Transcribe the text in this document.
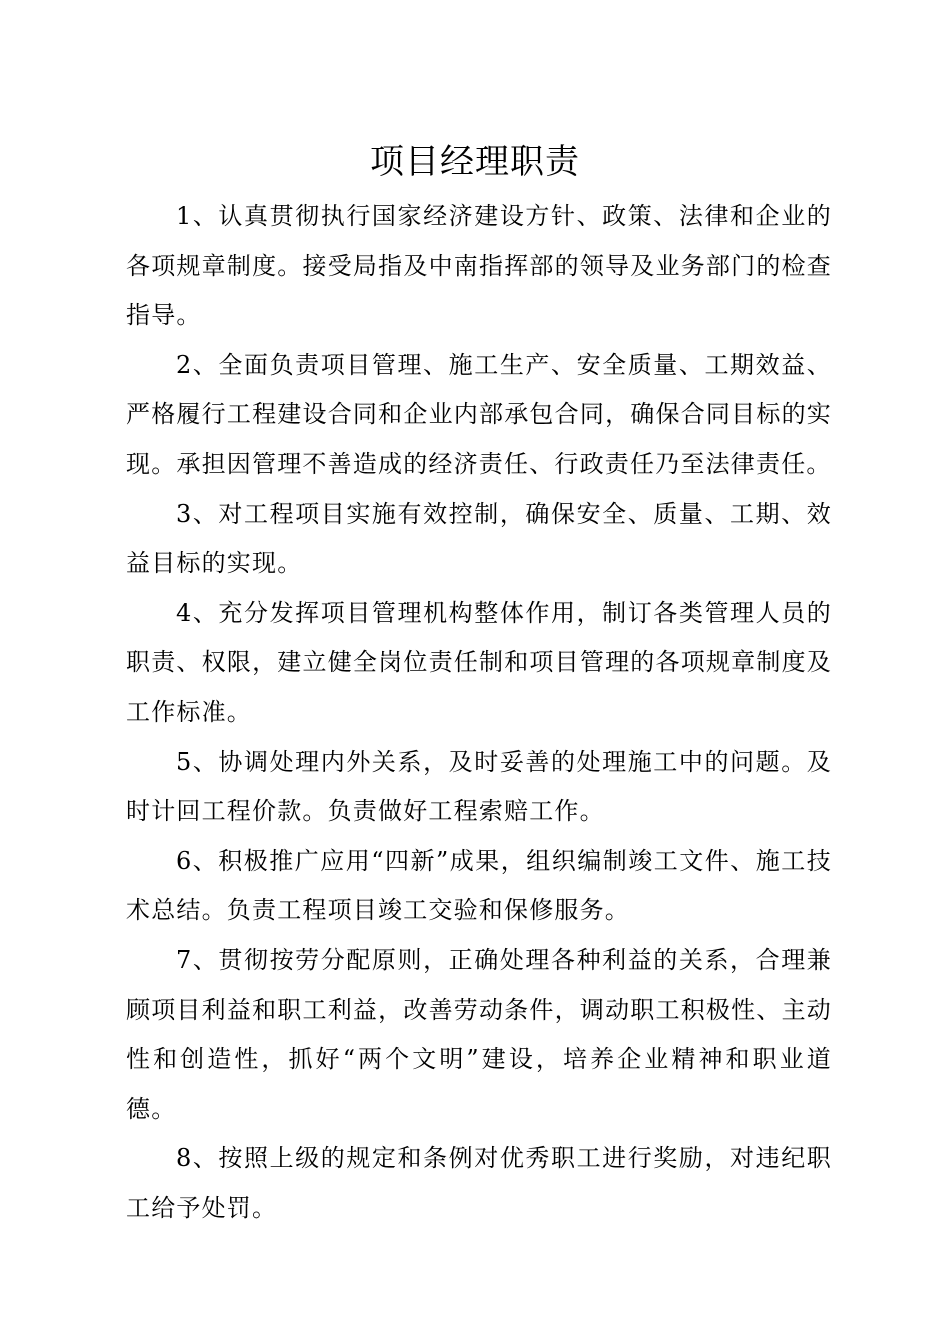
项目经理职责

1、认真贯彻执行国家经济建设方针、政策、法律和企业的各项规章制度。接受局指及中南指挥部的领导及业务部门的检查指导。

2、全面负责项目管理、施工生产、安全质量、工期效益、严格履行工程建设合同和企业内部承包合同，确保合同目标的实现。承担因管理不善造成的经济责任、行政责任乃至法律责任。

3、对工程项目实施有效控制，确保安全、质量、工期、效益目标的实现。

4、充分发挥项目管理机构整体作用，制订各类管理人员的职责、权限，建立健全岗位责任制和项目管理的各项规章制度及工作标准。

5、协调处理内外关系，及时妥善的处理施工中的问题。及时计回工程价款。负责做好工程索赔工作。

6、积极推广应用“四新”成果，组织编制竣工文件、施工技术总结。负责工程项目竣工交验和保修服务。

7、贯彻按劳分配原则，正确处理各种利益的关系，合理兼顾项目利益和职工利益，改善劳动条件，调动职工积极性、主动性和创造性，抓好“两个文明”建设，培养企业精神和职业道德。

8、按照上级的规定和条例对优秀职工进行奖励，对违纪职工给予处罚。
